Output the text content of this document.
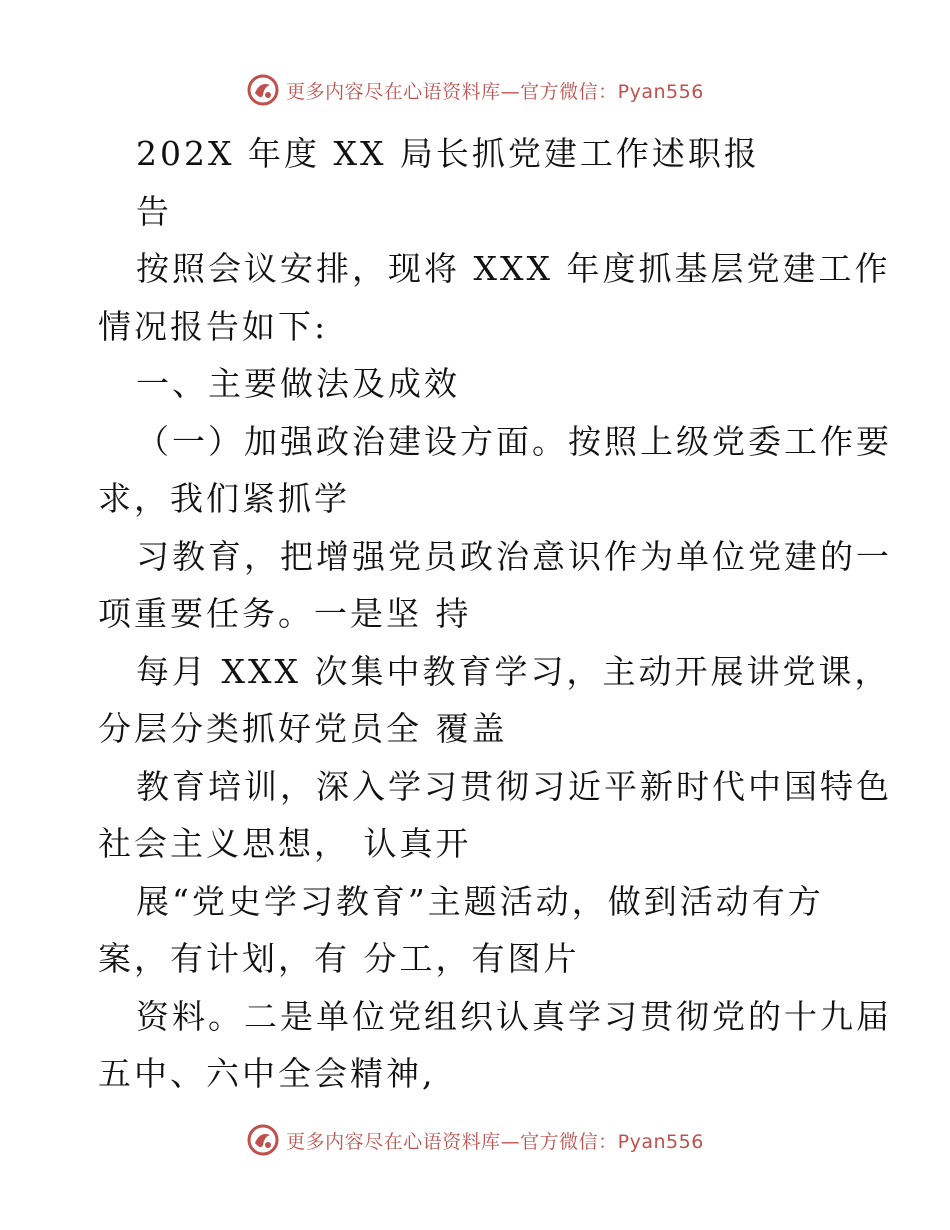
更多内容尽在心语资料库—官方微信：Pyan556
202X 年度 XX 局长抓党建工作述职报
告
按照会议安排，现将 XXX 年度抓基层党建工作
情况报告如下:
一、主要做法及成效
（一）加强政治建设方面。按照上级党委工作要
求，我们紧抓学
习教育，把增强党员政治意识作为单位党建的一
项重要任务。一是坚 持
每月 XXX 次集中教育学习，主动开展讲党课，
分层分类抓好党员全 覆盖
教育培训，深入学习贯彻习近平新时代中国特色
社会主义思想， 认真开
展“党史学习教育”主题活动，做到活动有方
案，有计划，有 分工，有图片
资料。二是单位党组织认真学习贯彻党的十九届
五中、六中全会精神,
更多内容尽在心语资料库—官方微信：Pyan556
